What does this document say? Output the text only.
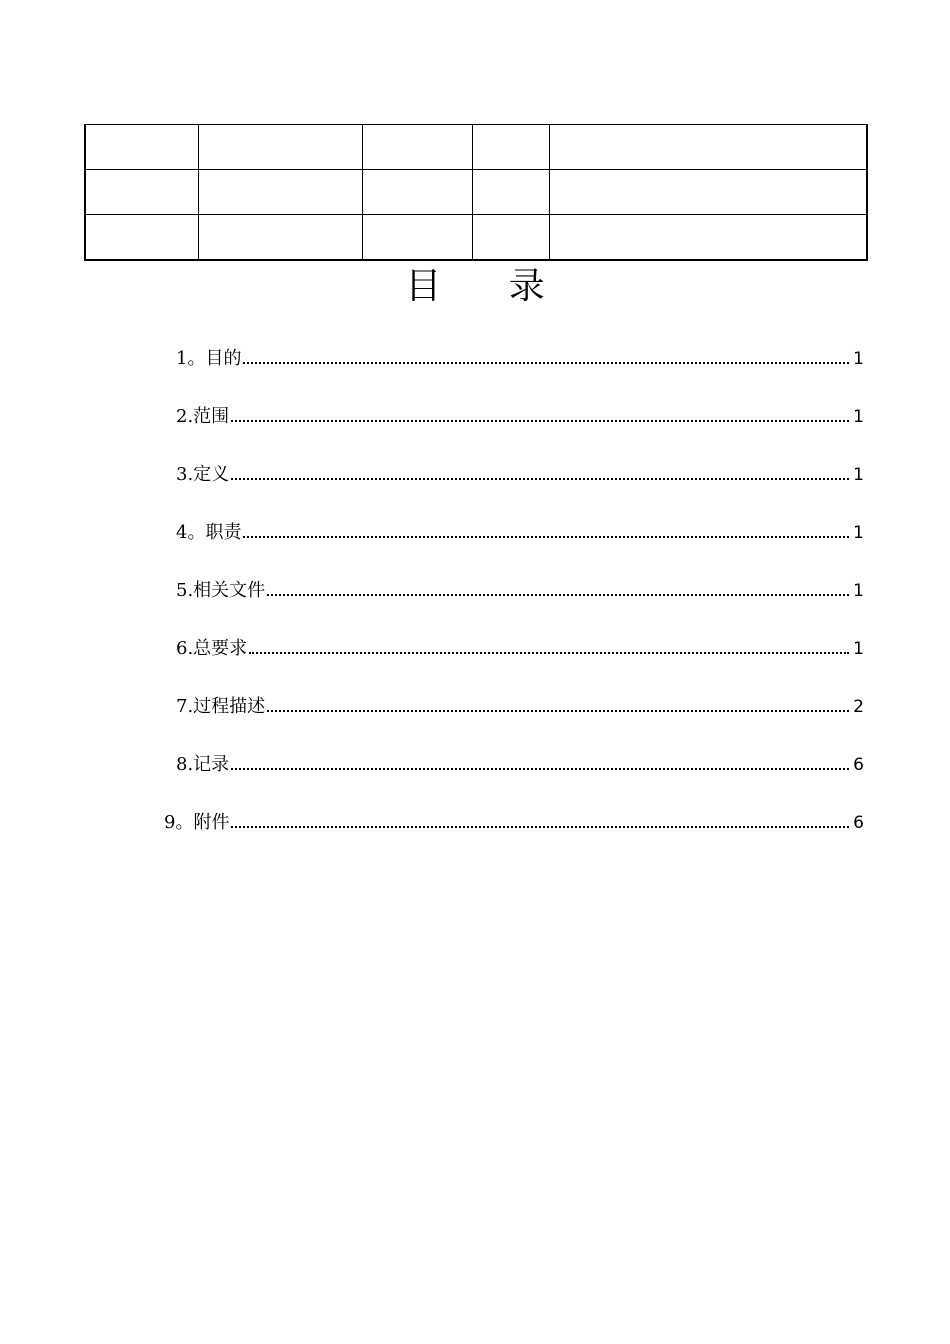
目 录
1。目的	1
2.范围	1
3.定义	1
4。职责	1
5.相关文件	1
6.总要求	1
7.过程描述	2
8.记录	6
9。附件	6
